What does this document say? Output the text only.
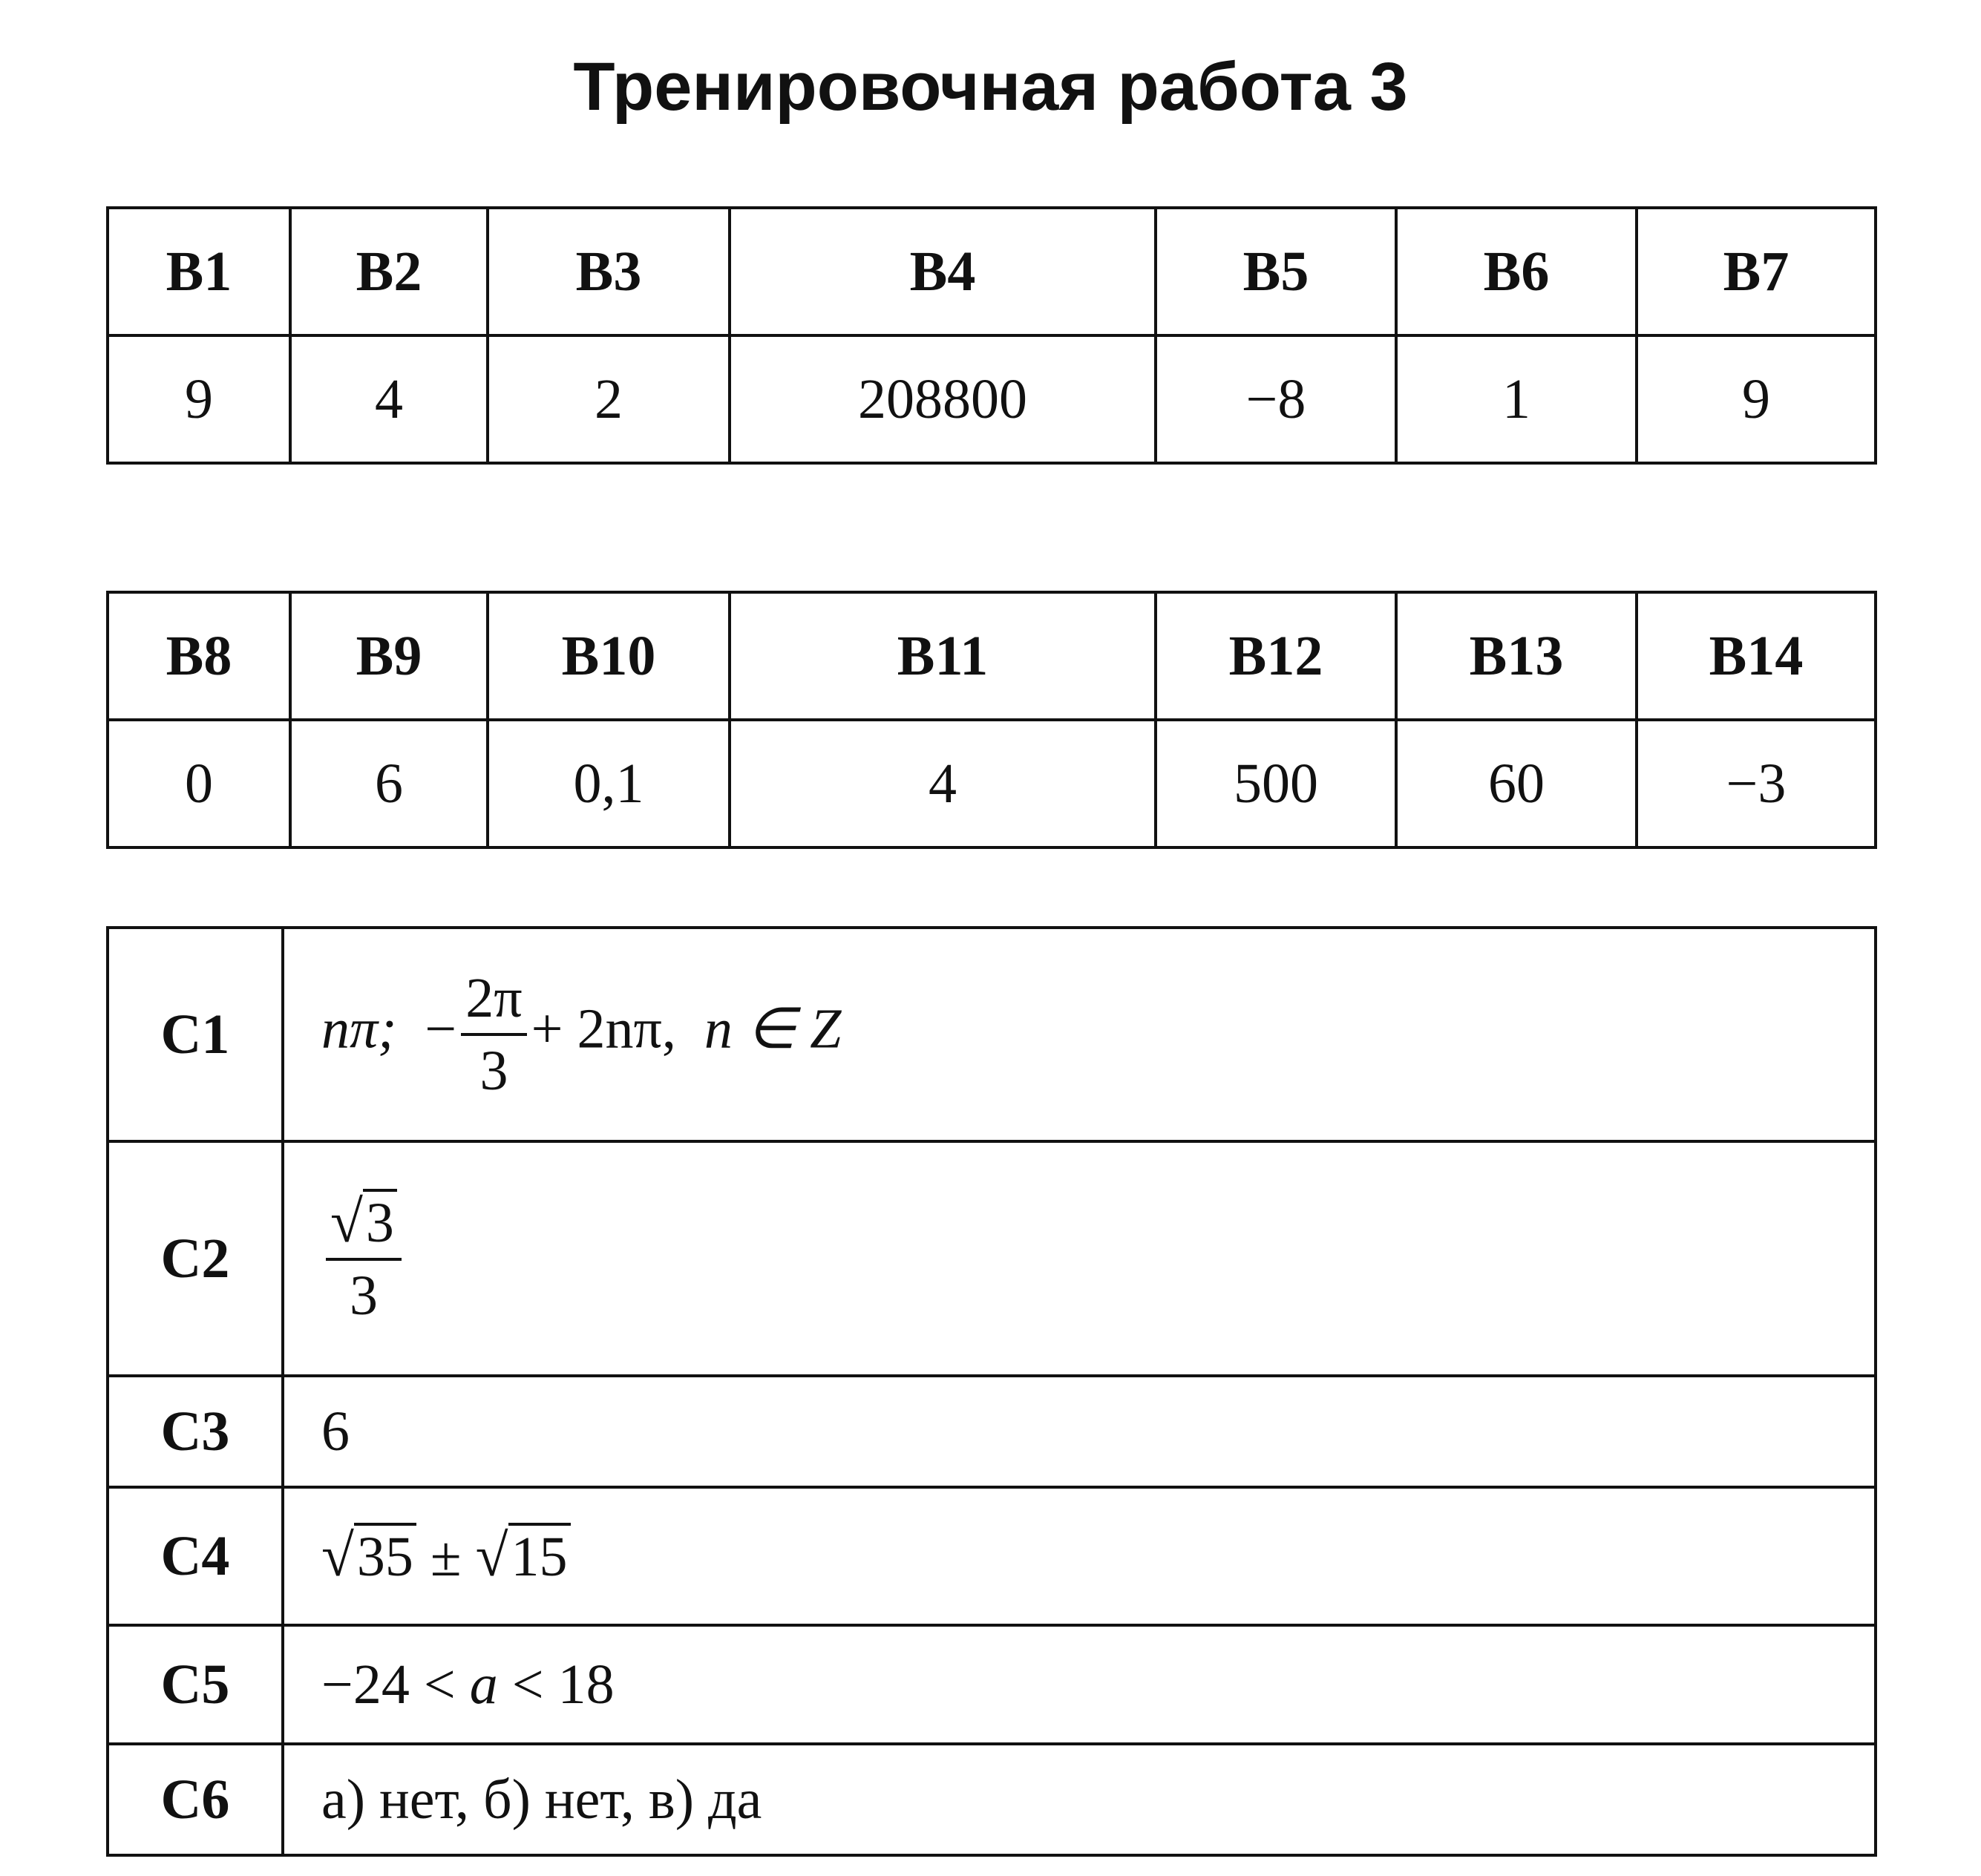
Тренировочная работа 3
B1	B2	B3	B4	B5	B6	B7
9	4	2	208800	−8	1	9
B8	B9	B10	B11	B12	B13	B14
0	6	0,1	4	500	60	−3
C1	nπ; − $\frac{2\pi}{3} + 2n\pi$, n ∈ Z
C2	$\frac{√3}{3}$

C3	6
C4	√35 ± √15
C5	−24 < a < 18
C6	а) нет, б) нет, в) да
